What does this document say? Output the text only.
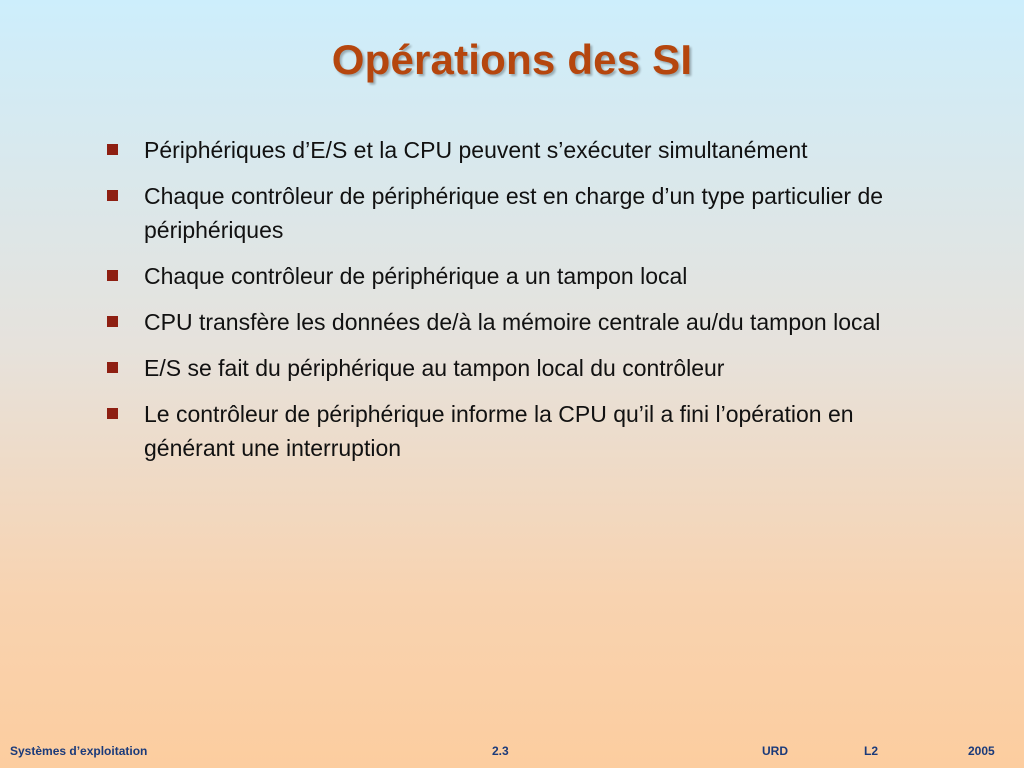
Opérations des SI
Périphériques d’E/S et la CPU peuvent s’exécuter simultanément
Chaque contrôleur de périphérique est en charge d’un type particulier de périphériques
Chaque contrôleur de périphérique a un tampon local
CPU transfère les données de/à la mémoire centrale au/du tampon local
E/S se fait du périphérique au tampon local du contrôleur
Le contrôleur de périphérique informe la CPU qu’il a fini l’opération en générant une interruption
Systèmes d’exploitation	2.3	URD	L2	2005
